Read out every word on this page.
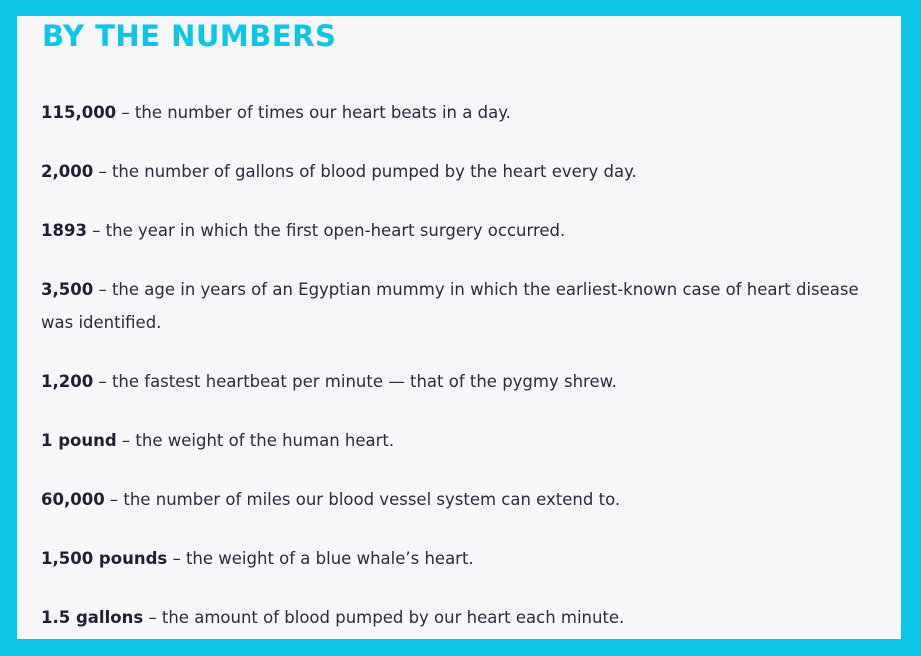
BY THE NUMBERS
115,000 – the number of times our heart beats in a day.
2,000 – the number of gallons of blood pumped by the heart every day.
1893 – the year in which the first open-heart surgery occurred.
3,500 – the age in years of an Egyptian mummy in which the earliest-known case of heart disease was identified.
1,200 – the fastest heartbeat per minute — that of the pygmy shrew.
1 pound – the weight of the human heart.
60,000 – the number of miles our blood vessel system can extend to.
1,500 pounds – the weight of a blue whale’s heart.
1.5 gallons – the amount of blood pumped by our heart each minute.
